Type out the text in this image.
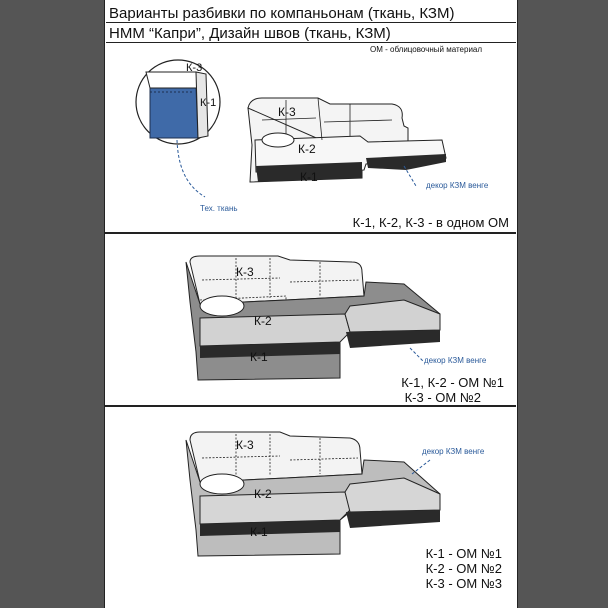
Варианты разбивки по компаньонам (ткань, КЗМ)
НММ “Капри”, Дизайн швов (ткань, КЗМ)
ОМ - облицовочный материал
К-3
К-1
К-3
К-2
К-1
Тех. ткань
декор КЗМ венге
К-1, К-2, К-3 - в одном ОМ
К-3
К-2
К-1	декор КЗМ венге
К-1, К-2 - ОМ №1
К-3 - ОМ №2
К-3
К-2
К-1
декор КЗМ венге
К-1 - ОМ №1
К-2 - ОМ №2
К-3 - ОМ №3
